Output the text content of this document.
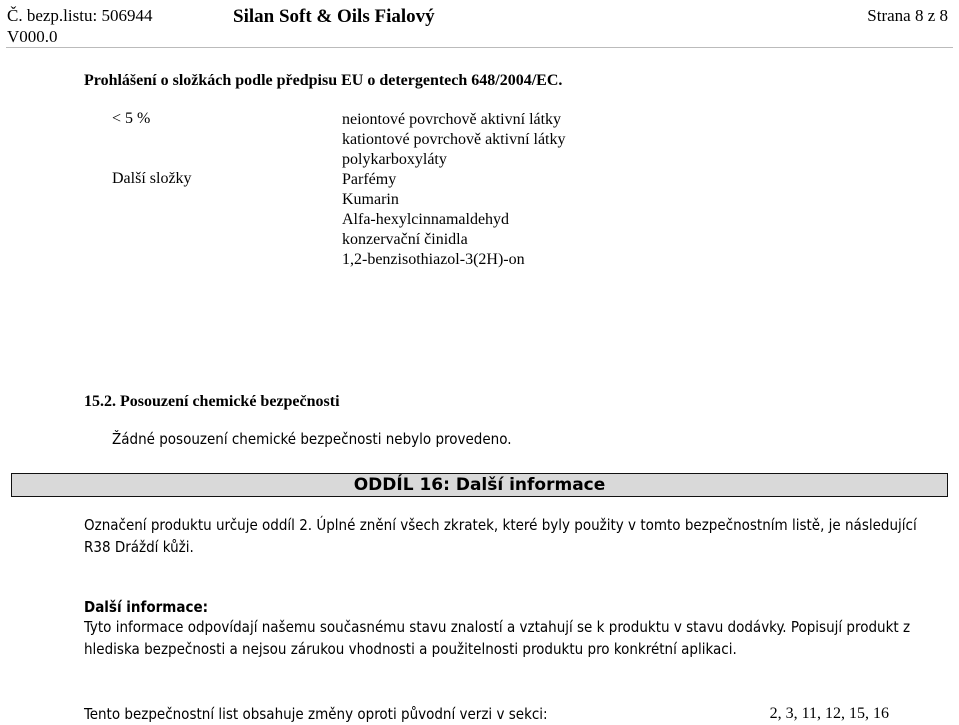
Č. bezp.listu: 506944
V000.0
Silan Soft & Oils Fialový	Strana 8 z 8
Prohlášení o složkách podle předpisu EU o detergentech 648/2004/EC.
< 5 %	neiontové povrchově aktivní látky
kationtové povrchově aktivní látky
polykarboxyláty
Další složky	Parfémy
Kumarin
Alfa-hexylcinnamaldehyd
konzervační činidla
1,2-benzisothiazol-3(2H)-on
15.2. Posouzení chemické bezpečnosti
Žádné posouzení chemické bezpečnosti nebylo provedeno.
ODDÍL 16: Další informace
Označení produktu určuje oddíl 2. Úplné znění všech zkratek, které byly použity v tomto bezpečnostním listě, je následující
R38 Dráždí kůži.
Další informace:
Tyto informace odpovídají našemu současnému stavu znalostí a vztahují se k produktu v stavu dodávky. Popisují produkt z hlediska bezpečnosti a nejsou zárukou vhodnosti a použitelnosti produktu pro konkrétní aplikaci.
Tento bezpečnostní list obsahuje změny oproti původní verzi v sekci:	2, 3, 11, 12, 15, 16
